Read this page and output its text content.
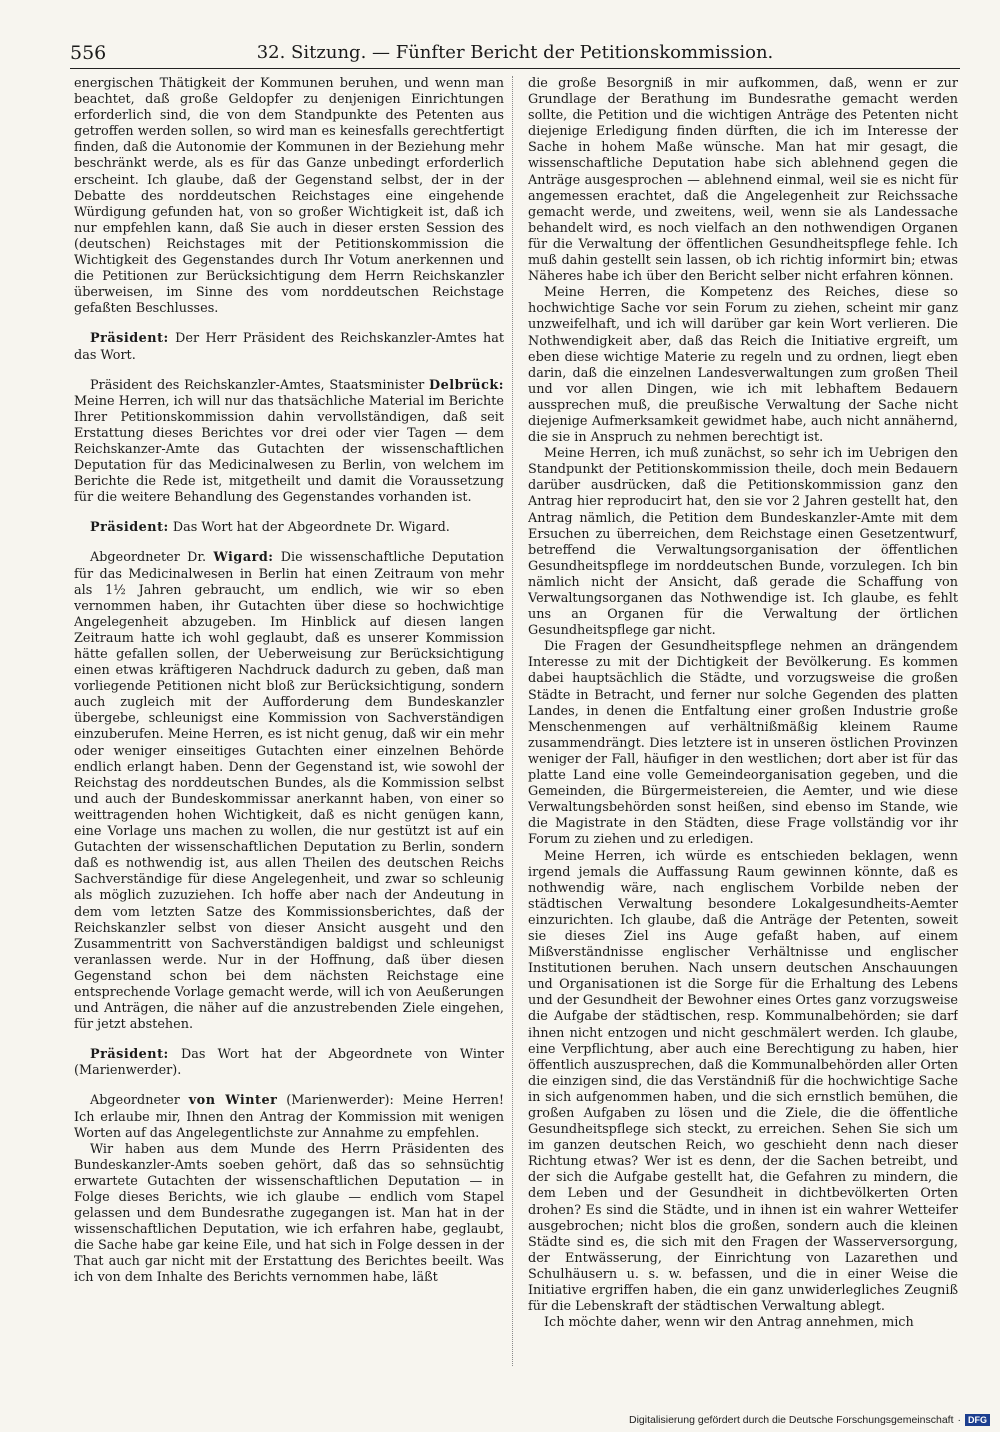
556	32. Sitzung. — Fünfter Bericht der Petitionskommission.

energischen Thätigkeit der Kommunen beruhen, und wenn man beachtet, daß große Geldopfer zu denjenigen Einrichtungen erforderlich sind, die von dem Standpunkte des Petenten aus getroffen werden sollen, so wird man es keinesfalls gerechtfertigt finden, daß die Autonomie der Kommunen in der Beziehung mehr beschränkt werde, als es für das Ganze unbedingt erforderlich erscheint. Ich glaube, daß der Gegenstand selbst, der in der Debatte des norddeutschen Reichstages eine eingehende Würdigung gefunden hat, von so großer Wichtigkeit ist, daß ich nur empfehlen kann, daß Sie auch in dieser ersten Session des (deutschen) Reichstages mit der Petitionskommission die Wichtigkeit des Gegenstandes durch Ihr Votum anerkennen und die Petitionen zur Berücksichtigung dem Herrn Reichskanzler überweisen, im Sinne des vom norddeutschen Reichstage gefaßten Beschlusses.

Präsident: Der Herr Präsident des Reichskanzler-Amtes hat das Wort.

Präsident des Reichskanzler-Amtes, Staatsminister Delbrück: Meine Herren, ich will nur das thatsächliche Material im Berichte Ihrer Petitionskommission dahin vervollständigen, daß seit Erstattung dieses Berichtes vor drei oder vier Tagen — dem Reichskanzer-Amte das Gutachten der wissenschaftlichen Deputation für das Medicinalwesen zu Berlin, von welchem im Berichte die Rede ist, mitgetheilt und damit die Voraussetzung für die weitere Behandlung des Gegenstandes vorhanden ist.

Präsident: Das Wort hat der Abgeordnete Dr. Wigard.

Abgeordneter Dr. Wigard: Die wissenschaftliche Deputation für das Medicinalwesen in Berlin hat einen Zeitraum von mehr als 1½ Jahren gebraucht, um endlich, wie wir so eben vernommen haben, ihr Gutachten über diese so hochwichtige Angelegenheit abzugeben. Im Hinblick auf diesen langen Zeitraum hatte ich wohl geglaubt, daß es unserer Kommission hätte gefallen sollen, der Ueberweisung zur Berücksichtigung einen etwas kräftigeren Nachdruck dadurch zu geben, daß man vorliegende Petitionen nicht bloß zur Berücksichtigung, sondern auch zugleich mit der Aufforderung dem Bundeskanzler übergebe, schleunigst eine Kommission von Sachverständigen einzuberufen. Meine Herren, es ist nicht genug, daß wir ein mehr oder weniger einseitiges Gutachten einer einzelnen Behörde endlich erlangt haben. Denn der Gegenstand ist, wie sowohl der Reichstag des norddeutschen Bundes, als die Kommission selbst und auch der Bundeskommissar anerkannt haben, von einer so weittragenden hohen Wichtigkeit, daß es nicht genügen kann, eine Vorlage uns machen zu wollen, die nur gestützt ist auf ein Gutachten der wissenschaftlichen Deputation zu Berlin, sondern daß es nothwendig ist, aus allen Theilen des deutschen Reichs Sachverständige für diese Angelegenheit, und zwar so schleunig als möglich zuzuziehen. Ich hoffe aber nach der Andeutung in dem vom letzten Satze des Kommissionsberichtes, daß der Reichskanzler selbst von dieser Ansicht ausgeht und den Zusammentritt von Sachverständigen baldigst und schleunigst veranlassen werde. Nur in der Hoffnung, daß über diesen Gegenstand schon bei dem nächsten Reichstage eine entsprechende Vorlage gemacht werde, will ich von Aeußerungen und Anträgen, die näher auf die anzustrebenden Ziele eingehen, für jetzt abstehen.

Präsident: Das Wort hat der Abgeordnete von Winter (Marienwerder).

Abgeordneter von Winter (Marienwerder): Meine Herren! Ich erlaube mir, Ihnen den Antrag der Kommission mit wenigen Worten auf das Angelegentlichste zur Annahme zu empfehlen.

Wir haben aus dem Munde des Herrn Präsidenten des Bundeskanzler-Amts soeben gehört, daß das so sehnsüchtig erwartete Gutachten der wissenschaftlichen Deputation — in Folge dieses Berichts, wie ich glaube — endlich vom Stapel gelassen und dem Bundesrathe zugegangen ist. Man hat in der wissenschaftlichen Deputation, wie ich erfahren habe, geglaubt, die Sache habe gar keine Eile, und hat sich in Folge dessen in der That auch gar nicht mit der Erstattung des Berichtes beeilt. Was ich von dem Inhalte des Berichts vernommen habe, läßt

die große Besorgniß in mir aufkommen, daß, wenn er zur Grundlage der Berathung im Bundesrathe gemacht werden sollte, die Petition und die wichtigen Anträge des Petenten nicht diejenige Erledigung finden dürften, die ich im Interesse der Sache in hohem Maße wünsche. Man hat mir gesagt, die wissenschaftliche Deputation habe sich ablehnend gegen die Anträge ausgesprochen — ablehnend einmal, weil sie es nicht für angemessen erachtet, daß die Angelegenheit zur Reichssache gemacht werde, und zweitens, weil, wenn sie als Landessache behandelt wird, es noch vielfach an den nothwendigen Organen für die Verwaltung der öffentlichen Gesundheitspflege fehle. Ich muß dahin gestellt sein lassen, ob ich richtig informirt bin; etwas Näheres habe ich über den Bericht selber nicht erfahren können.

Meine Herren, die Kompetenz des Reiches, diese so hochwichtige Sache vor sein Forum zu ziehen, scheint mir ganz unzweifelhaft, und ich will darüber gar kein Wort verlieren. Die Nothwendigkeit aber, daß das Reich die Initiative ergreift, um eben diese wichtige Materie zu regeln und zu ordnen, liegt eben darin, daß die einzelnen Landesverwaltungen zum großen Theil und vor allen Dingen, wie ich mit lebhaftem Bedauern aussprechen muß, die preußische Verwaltung der Sache nicht diejenige Aufmerksamkeit gewidmet habe, auch nicht annähernd, die sie in Anspruch zu nehmen berechtigt ist.

Meine Herren, ich muß zunächst, so sehr ich im Uebrigen den Standpunkt der Petitionskommission theile, doch mein Bedauern darüber ausdrücken, daß die Petitionskommission ganz den Antrag hier reproducirt hat, den sie vor 2 Jahren gestellt hat, den Antrag nämlich, die Petition dem Bundeskanzler-Amte mit dem Ersuchen zu überreichen, dem Reichstage einen Gesetzentwurf, betreffend die Verwaltungsorganisation der öffentlichen Gesundheitspflege im norddeutschen Bunde, vorzulegen. Ich bin nämlich nicht der Ansicht, daß gerade die Schaffung von Verwaltungsorganen das Nothwendige ist. Ich glaube, es fehlt uns an Organen für die Verwaltung der örtlichen Gesundheitspflege gar nicht.

Die Fragen der Gesundheitspflege nehmen an drängendem Interesse zu mit der Dichtigkeit der Bevölkerung. Es kommen dabei hauptsächlich die Städte, und vorzugsweise die großen Städte in Betracht, und ferner nur solche Gegenden des platten Landes, in denen die Entfaltung einer großen Industrie große Menschenmengen auf verhältnißmäßig kleinem Raume zusammendrängt. Dies letztere ist in unseren östlichen Provinzen weniger der Fall, häufiger in den westlichen; dort aber ist für das platte Land eine volle Gemeindeorganisation gegeben, und die Gemeinden, die Bürgermeistereien, die Aemter, und wie diese Verwaltungsbehörden sonst heißen, sind ebenso im Stande, wie die Magistrate in den Städten, diese Frage vollständig vor ihr Forum zu ziehen und zu erledigen.

Meine Herren, ich würde es entschieden beklagen, wenn irgend jemals die Auffassung Raum gewinnen könnte, daß es nothwendig wäre, nach englischem Vorbilde neben der städtischen Verwaltung besondere Lokalgesundheits-Aemter einzurichten. Ich glaube, daß die Anträge der Petenten, soweit sie dieses Ziel ins Auge gefaßt haben, auf einem Mißverständnisse englischer Verhältnisse und englischer Institutionen beruhen. Nach unsern deutschen Anschauungen und Organisationen ist die Sorge für die Erhaltung des Lebens und der Gesundheit der Bewohner eines Ortes ganz vorzugsweise die Aufgabe der städtischen, resp. Kommunalbehörden; sie darf ihnen nicht entzogen und nicht geschmälert werden. Ich glaube, eine Verpflichtung, aber auch eine Berechtigung zu haben, hier öffentlich auszusprechen, daß die Kommunalbehörden aller Orten die einzigen sind, die das Verständniß für die hochwichtige Sache in sich aufgenommen haben, und die sich ernstlich bemühen, die großen Aufgaben zu lösen und die Ziele, die die öffentliche Gesundheitspflege sich steckt, zu erreichen. Sehen Sie sich um im ganzen deutschen Reich, wo geschieht denn nach dieser Richtung etwas? Wer ist es denn, der die Sachen betreibt, und der sich die Aufgabe gestellt hat, die Gefahren zu mindern, die dem Leben und der Gesundheit in dichtbevölkerten Orten drohen? Es sind die Städte, und in ihnen ist ein wahrer Wetteifer ausgebrochen; nicht blos die großen, sondern auch die kleinen Städte sind es, die sich mit den Fragen der Wasserversorgung, der Entwässerung, der Einrichtung von Lazarethen und Schulhäusern u. s. w. befassen, und die in einer Weise die Initiative ergriffen haben, die ein ganz unwiderlegliches Zeugniß für die Lebenskraft der städtischen Verwaltung ablegt.

Ich möchte daher, wenn wir den Antrag annehmen, mich

Digitalisierung gefördert durch die Deutsche Forschungsgemeinschaft · DFG
